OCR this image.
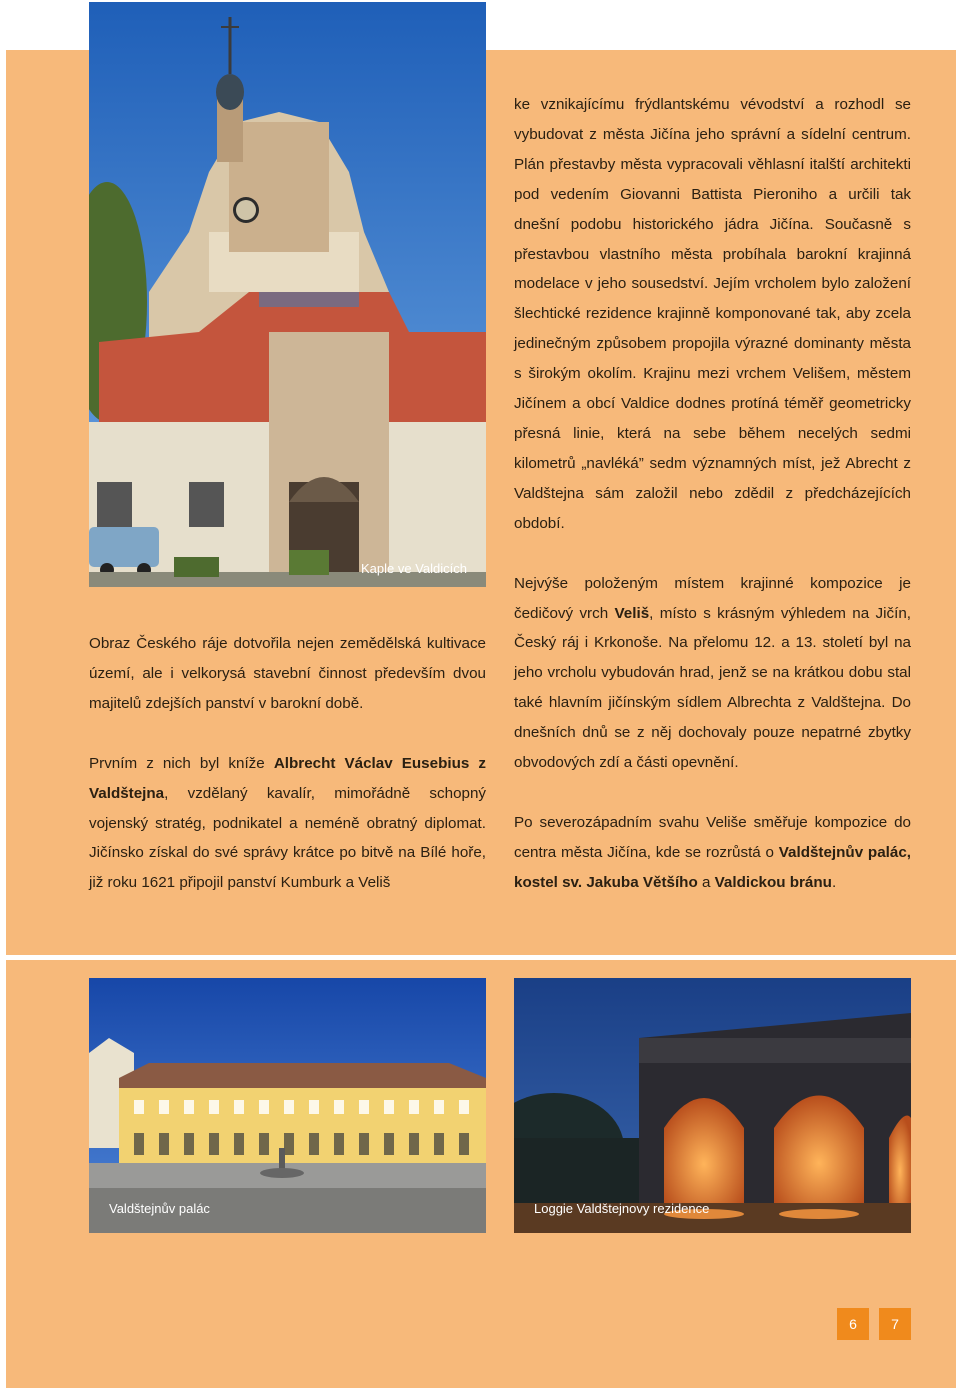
Kaple ve Valdicích

Obraz Českého ráje dotvořila nejen zemědělská kultivace území, ale i velkorysá stavební činnost především dvou majitelů zdejších panství v barokní době.

Prvním z nich byl kníže Albrecht Václav Eusebius z Valdštejna, vzdělaný kavalír, mimořádně schopný vojenský stratég, podnikatel a neméně obratný diplomat. Jičínsko získal do své správy krátce po bitvě na Bílé hoře, již roku 1621 připojil panství Kumburk a Veliš

ke vznikajícímu frýdlantskému vévodství a rozhodl se vybudovat z města Jičína jeho správní a sídelní centrum. Plán přestavby města vypracovali věhlasní italští architekti pod vedením Giovanni Battista Pieroniho a určili tak dnešní podobu historického jádra Jičína. Současně s přestavbou vlastního města probíhala barokní krajinná modelace v jeho sousedství. Jejím vrcholem bylo založení šlechtické rezidence krajinně komponované tak, aby zcela jedinečným způsobem propojila výrazné dominanty města s širokým okolím. Krajinu mezi vrchem Velišem, městem Jičínem a obcí Valdice dodnes protíná téměř geometricky přesná linie, která na sebe během necelých sedmi kilometrů „navléká” sedm významných míst, jež Abrecht z Valdštejna sám založil nebo zdědil z předcházejících období.

Nejvýše položeným místem krajinné kompozice je čedičový vrch Veliš, místo s krásným výhledem na Jičín, Český ráj i Krkonoše. Na přelomu 12. a 13. století byl na jeho vrcholu vybudován hrad, jenž se na krátkou dobu stal také hlavním jičínským sídlem Albrechta z Valdštejna. Do dnešních dnů se z něj dochovaly pouze nepatrné zbytky obvodových zdí a části opevnění.

Po severozápadním svahu Veliše směřuje kompozice do centra města Jičína, kde se rozrůstá o Valdštejnův palác, kostel sv. Jakuba Většího a Valdickou bránu.

Valdštejnův palác	Loggie Valdštejnovy rezidence
6	7
